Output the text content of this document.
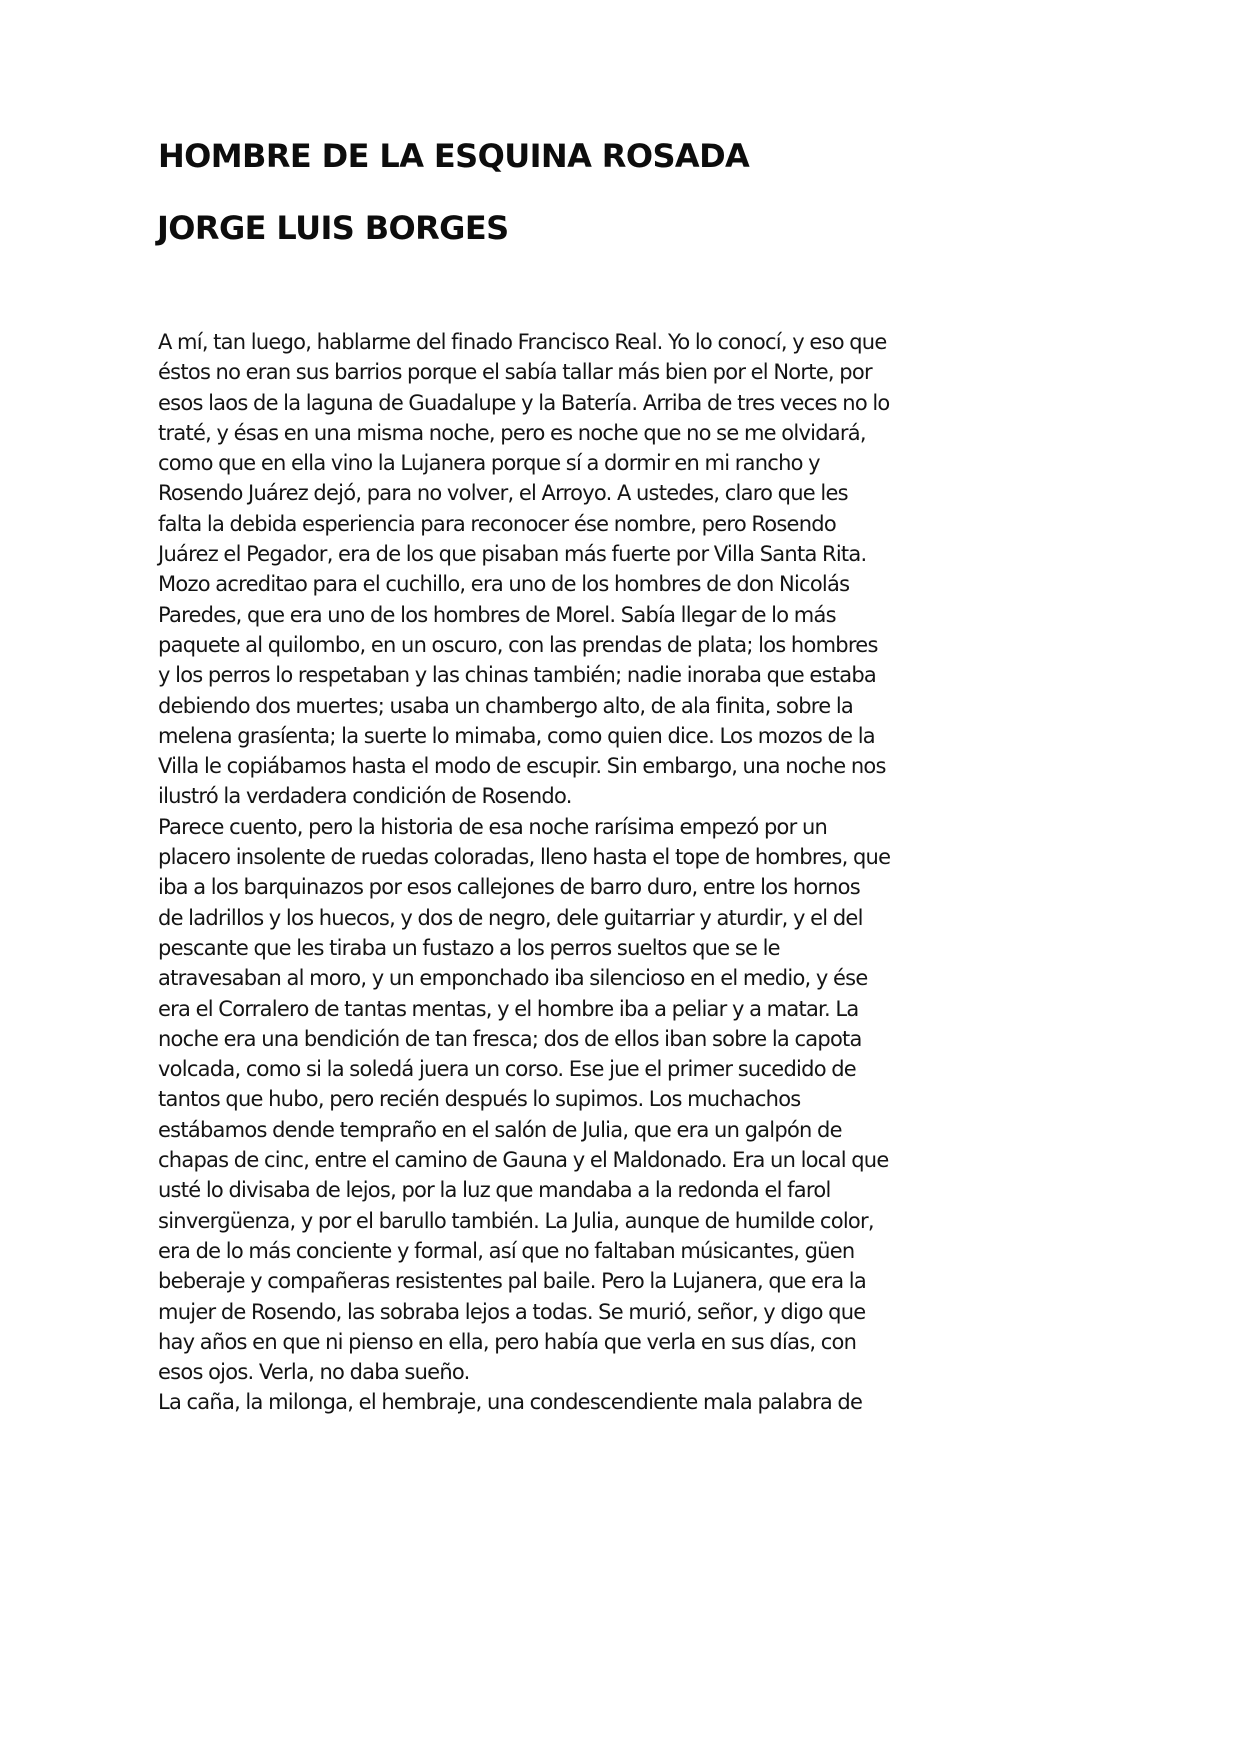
HOMBRE DE LA ESQUINA ROSADA
JORGE LUIS BORGES
A mí, tan luego, hablarme del finado Francisco Real. Yo lo conocí, y eso que
éstos no eran sus barrios porque el sabía tallar más bien por el Norte, por
esos laos de la laguna de Guadalupe y la Batería. Arriba de tres veces no lo
traté, y ésas en una misma noche, pero es noche que no se me olvidará,
como que en ella vino la Lujanera porque sí a dormir en mi rancho y
Rosendo Juárez dejó, para no volver, el Arroyo. A ustedes, claro que les
falta la debida esperiencia para reconocer ése nombre, pero Rosendo
Juárez el Pegador, era de los que pisaban más fuerte por Villa Santa Rita.
Mozo acreditao para el cuchillo, era uno de los hombres de don Nicolás
Paredes, que era uno de los hombres de Morel. Sabía llegar de lo más
paquete al quilombo, en un oscuro, con las prendas de plata; los hombres
y los perros lo respetaban y las chinas también; nadie inoraba que estaba
debiendo dos muertes; usaba un chambergo alto, de ala finita, sobre la
melena grasíenta; la suerte lo mimaba, como quien dice. Los mozos de la
Villa le copiábamos hasta el modo de escupir. Sin embargo, una noche nos
ilustró la verdadera condición de Rosendo.
Parece cuento, pero la historia de esa noche rarísima empezó por un
placero insolente de ruedas coloradas, lleno hasta el tope de hombres, que
iba a los barquinazos por esos callejones de barro duro, entre los hornos
de ladrillos y los huecos, y dos de negro, dele guitarriar y aturdir, y el del
pescante que les tiraba un fustazo a los perros sueltos que se le
atravesaban al moro, y un emponchado iba silencioso en el medio, y ése
era el Corralero de tantas mentas, y el hombre iba a peliar y a matar. La
noche era una bendición de tan fresca; dos de ellos iban sobre la capota
volcada, como si la soledá juera un corso. Ese jue el primer sucedido de
tantos que hubo, pero recién después lo supimos. Los muchachos
estábamos dende tempraño en el salón de Julia, que era un galpón de
chapas de cinc, entre el camino de Gauna y el Maldonado. Era un local que
usté lo divisaba de lejos, por la luz que mandaba a la redonda el farol
sinvergüenza, y por el barullo también. La Julia, aunque de humilde color,
era de lo más conciente y formal, así que no faltaban músicantes, güen
beberaje y compañeras resistentes pal baile. Pero la Lujanera, que era la
mujer de Rosendo, las sobraba lejos a todas. Se murió, señor, y digo que
hay años en que ni pienso en ella, pero había que verla en sus días, con
esos ojos. Verla, no daba sueño.
La caña, la milonga, el hembraje, una condescendiente mala palabra de
